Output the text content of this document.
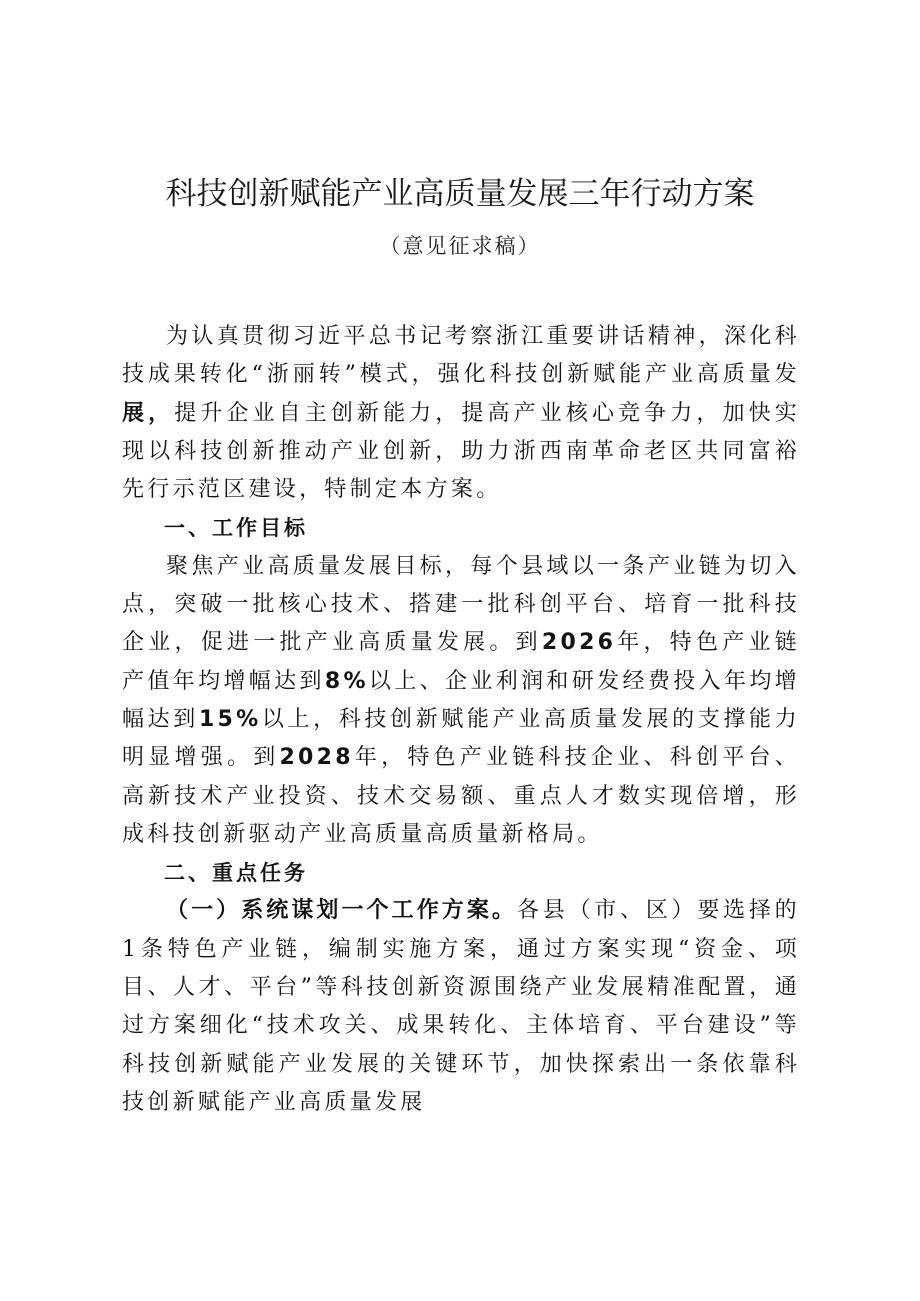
科技创新赋能产业高质量发展三年行动方案
（意见征求稿）

为认真贯彻习近平总书记考察浙江重要讲话精神，深化科技成果转化“浙丽转”模式，强化科技创新赋能产业高质量发展，提升企业自主创新能力，提高产业核心竞争力，加快实现以科技创新推动产业创新，助力浙西南革命老区共同富裕先行示范区建设，特制定本方案。

一、工作目标

聚焦产业高质量发展目标，每个县域以一条产业链为切入点，突破一批核心技术、搭建一批科创平台、培育一批科技企业，促进一批产业高质量发展。到2026年，特色产业链产值年均增幅达到8%以上、企业利润和研发经费投入年均增幅达到15%以上，科技创新赋能产业高质量发展的支撑能力明显增强。到2028年，特色产业链科技企业、科创平台、高新技术产业投资、技术交易额、重点人才数实现倍增，形成科技创新驱动产业高质量高质量新格局。

二、重点任务

（一）系统谋划一个工作方案。各县（市、区）要选择的1条特色产业链，编制实施方案，通过方案实现“资金、项目、人才、平台”等科技创新资源围绕产业发展精准配置，通过方案细化“技术攻关、成果转化、主体培育、平台建设”等科技创新赋能产业发展的关键环节，加快探索出一条依靠科技创新赋能产业高质量发展
